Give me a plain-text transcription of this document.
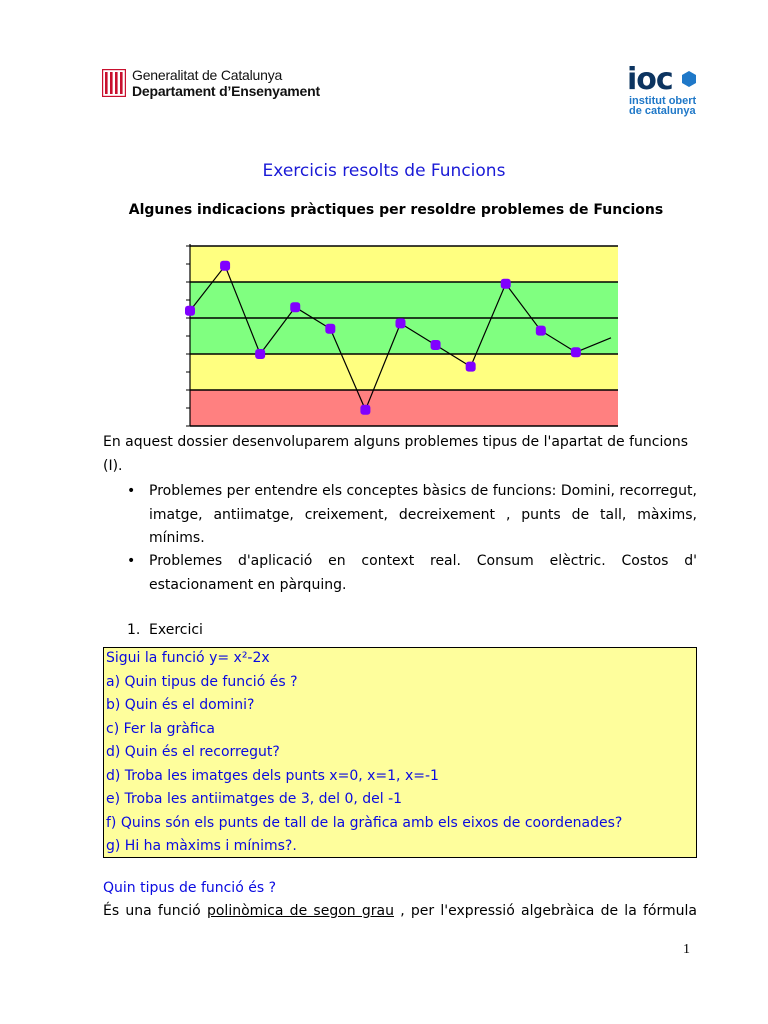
Generalitat de Catalunya
Departament d’Ensenyament	ioc
institut obert
de catalunya
Exercicis resolts de Funcions
Algunes indicacions pràctiques per resoldre problemes de Funcions
En aquest dossier desenvoluparem alguns problemes tipus de l'apartat de funcions (I).
• Problemes per entendre els conceptes bàsics de funcions: Domini, recorregut, imatge, antiimatge, creixement, decreixement , punts de tall, màxims, mínims.
• Problemes d'aplicació en context real. Consum elèctric. Costos d' estacionament en pàrquing.
1. Exercici
Sigui la funció y= x²-2x
a) Quin tipus de funció és ?
b) Quin és el domini?
c) Fer la gràfica
d) Quin és el recorregut?
d) Troba les imatges dels punts x=0, x=1, x=-1
e) Troba les antiimatges de 3, del 0, del -1
f) Quins són els punts de tall de la gràfica amb els eixos de coordenades?
g) Hi ha màxims i mínims?.
Quin tipus de funció és ?
És una funció polinòmica de segon grau , per l'expressió algebràica de la fórmula
1
